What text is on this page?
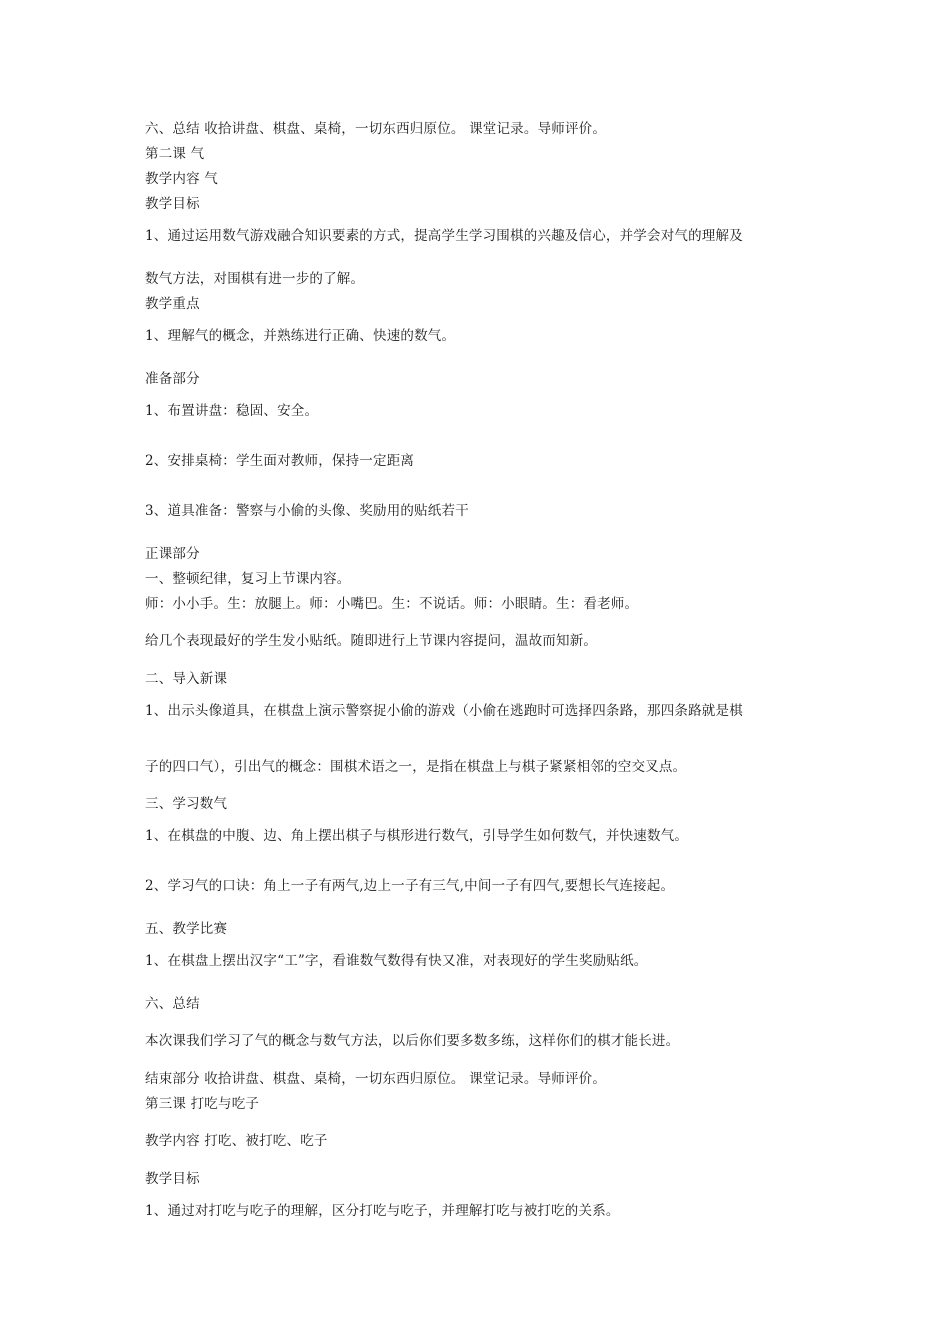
六、总结 收拾讲盘、棋盘、桌椅，一切东西归原位。 课堂记录。导师评价。
第二课 气
教学内容 气
教学目标
1、通过运用数气游戏融合知识要素的方式，提高学生学习围棋的兴趣及信心，并学会对气的理解及
数气方法，对围棋有进一步的了解。
教学重点
1、理解气的概念，并熟练进行正确、快速的数气。
准备部分
1、布置讲盘：稳固、安全。
2、安排桌椅：学生面对教师，保持一定距离
3、道具准备：警察与小偷的头像、奖励用的贴纸若干
正课部分
一、整顿纪律，复习上节课内容。
师：小小手。生：放腿上。师：小嘴巴。生：不说话。师：小眼睛。生：看老师。
给几个表现最好的学生发小贴纸。随即进行上节课内容提问，温故而知新。
二、导入新课
1、出示头像道具，在棋盘上演示警察捉小偷的游戏（小偷在逃跑时可选择四条路，那四条路就是棋
子的四口气），引出气的概念：围棋术语之一，是指在棋盘上与棋子紧紧相邻的空交叉点。
三、学习数气
1、在棋盘的中腹、边、角上摆出棋子与棋形进行数气，引导学生如何数气，并快速数气。
2、学习气的口诀：角上一子有两气,边上一子有三气,中间一子有四气,要想长气连接起。
五、教学比赛
1、在棋盘上摆出汉字“工”字，看谁数气数得有快又准，对表现好的学生奖励贴纸。
六、总结
本次课我们学习了气的概念与数气方法，以后你们要多数多练，这样你们的棋才能长进。
结束部分 收拾讲盘、棋盘、桌椅，一切东西归原位。 课堂记录。导师评价。
第三课 打吃与吃子
教学内容 打吃、被打吃、吃子
教学目标
1、通过对打吃与吃子的理解，区分打吃与吃子，并理解打吃与被打吃的关系。
